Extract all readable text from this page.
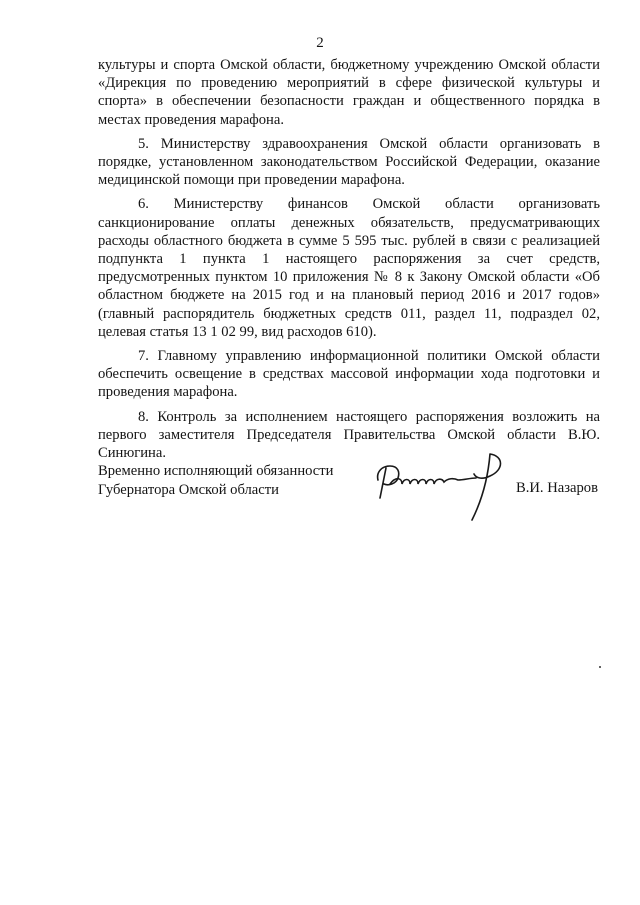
2

культуры и спорта Омской области, бюджетному учреждению Омской области «Дирекция по проведению мероприятий в сфере физической культуры и спорта» в обеспечении безопасности граждан и общественного порядка в местах проведения марафона.

5. Министерству здравоохранения Омской области организовать в порядке, установленном законодательством Российской Федерации, оказание медицинской помощи при проведении марафона.

6. Министерству финансов Омской области организовать санкционирование оплаты денежных обязательств, предусматривающих расходы областного бюджета в сумме 5 595 тыс. рублей в связи с реализацией подпункта 1 пункта 1 настоящего распоряжения за счет средств, предусмотренных пунктом 10 приложения № 8 к Закону Омской области «Об областном бюджете на 2015 год и на плановый период 2016 и 2017 годов» (главный распорядитель бюджетных средств 011, раздел 11, подраздел 02, целевая статья 13 1 02 99, вид расходов 610).

7. Главному управлению информационной политики Омской области обеспечить освещение в средствах массовой информации хода подготовки и проведения марафона.

8. Контроль за исполнением настоящего распоряжения возложить на первого заместителя Председателя Правительства Омской области В.Ю. Синюгина.

Временно исполняющий обязанности
Губернатора Омской области	В.И. Назаров
